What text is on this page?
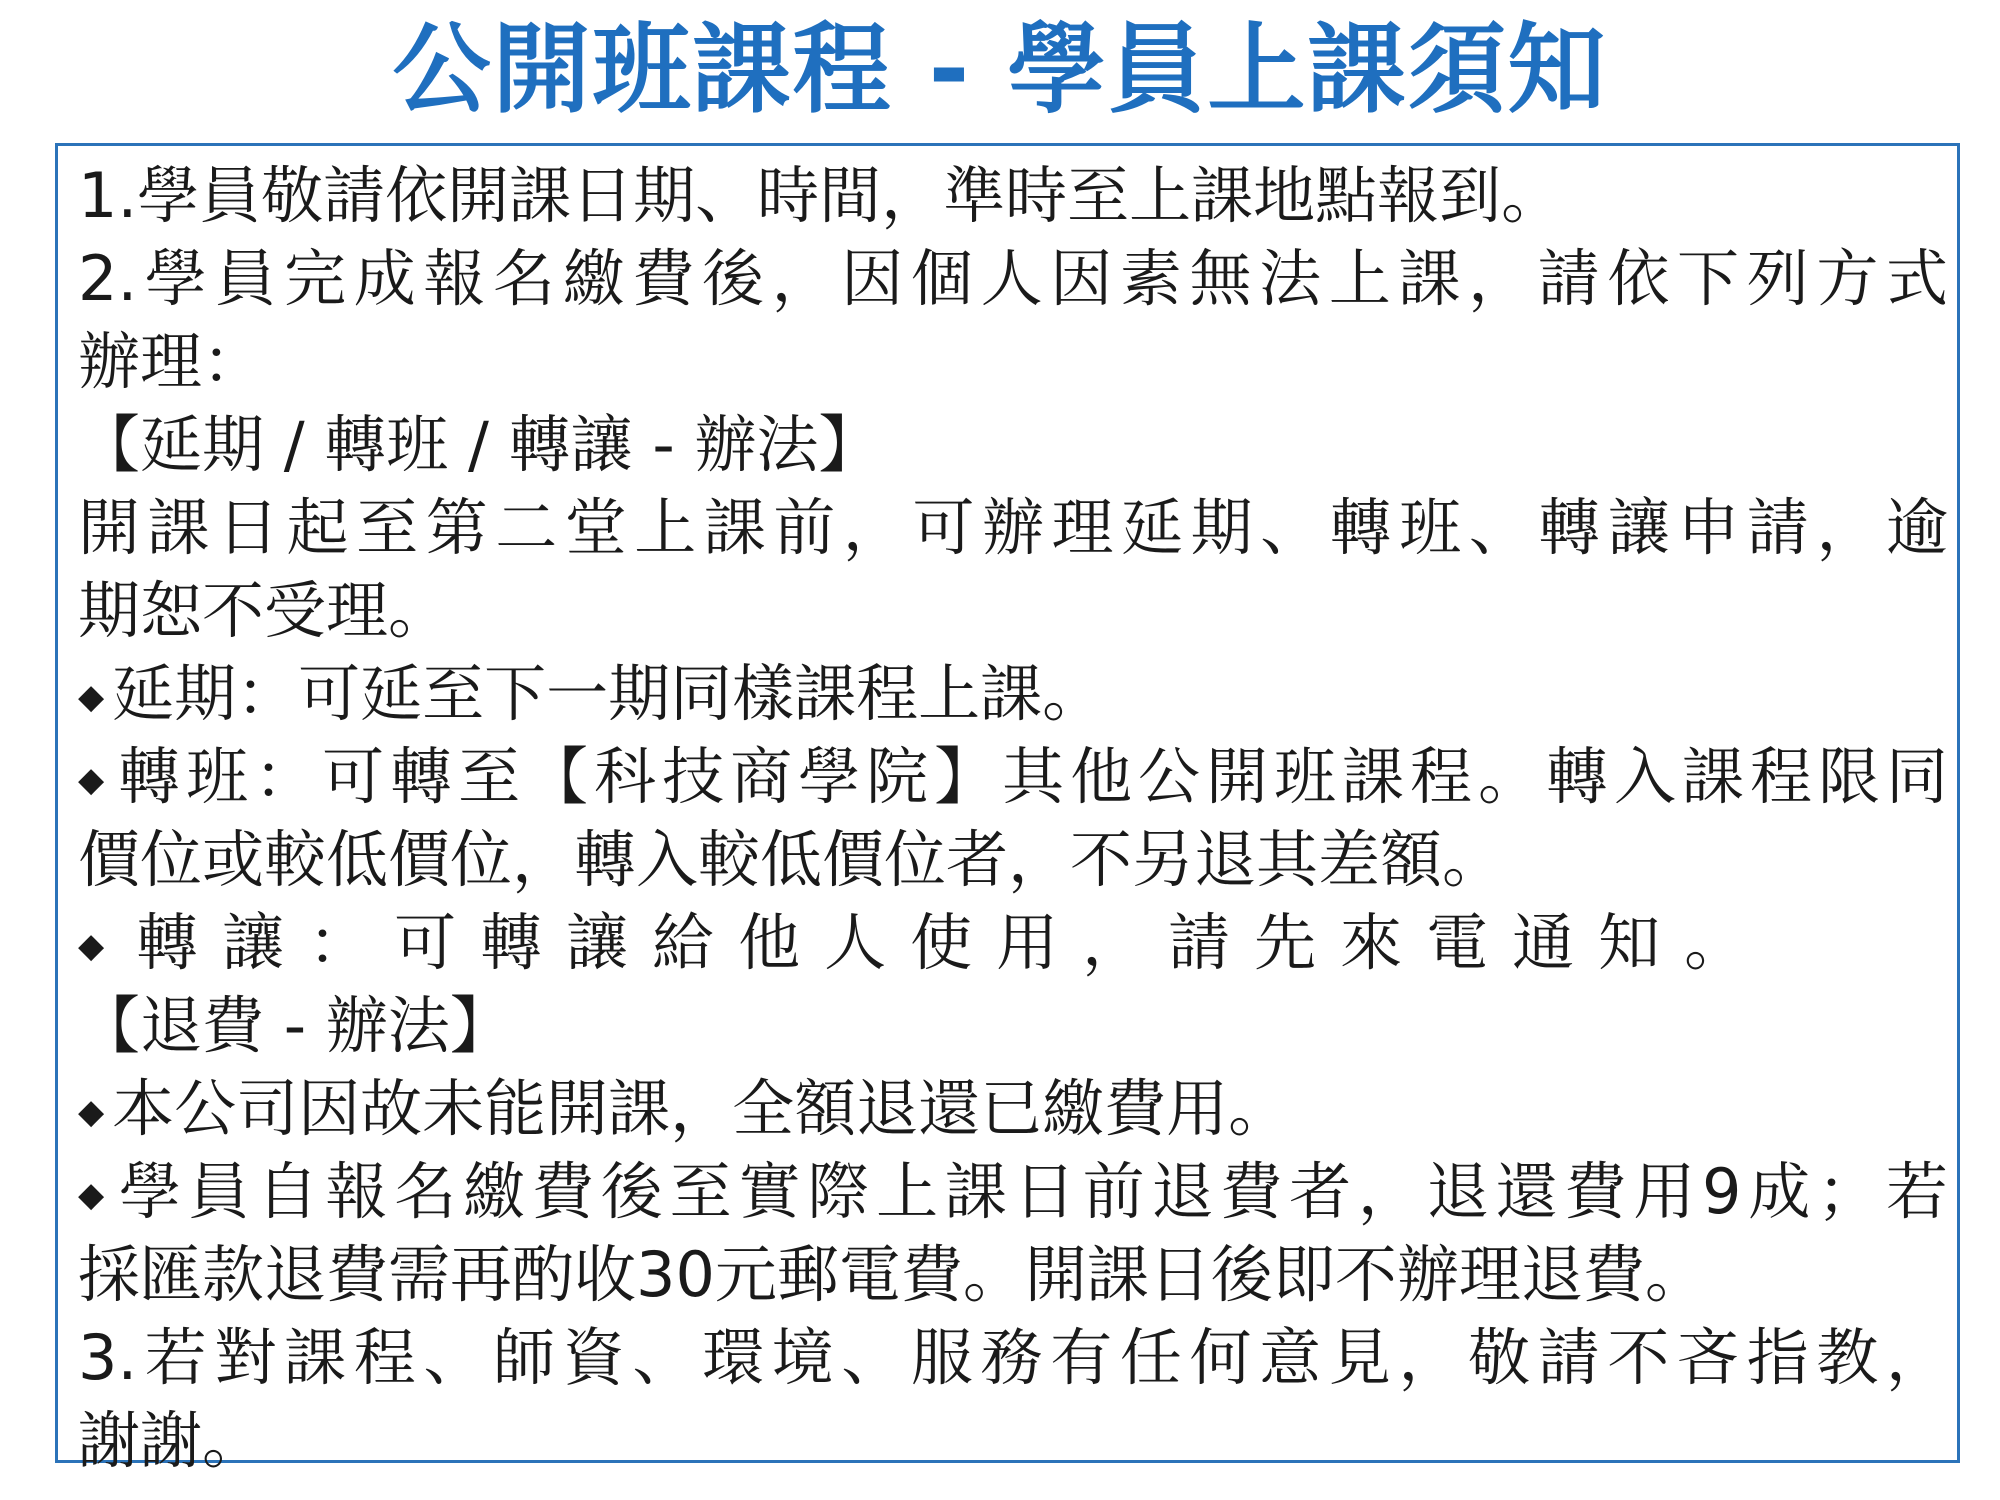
公開班課程 - 學員上課須知
1.學員敬請依開課日期、時間，準時至上課地點報到。
2.學員完成報名繳費後，因個人因素無法上課，請依下列方式
辦理：
【延期 / 轉班 / 轉讓 - 辦法】
開課日起至第二堂上課前，可辦理延期、轉班、轉讓申請，逾
期恕不受理。
◆ 延期：可延至下一期同樣課程上課。
◆ 轉班：可轉至【科技商學院】其他公開班課程。轉入課程限同
價位或較低價位，轉入較低價位者，不另退其差額。
◆ 轉讓：可轉讓給他人使用，請先來電通知。
【退費 - 辦法】
◆ 本公司因故未能開課，全額退還已繳費用。
◆ 學員自報名繳費後至實際上課日前退費者，退還費用9成；若
採匯款退費需再酌收30元郵電費。開課日後即不辦理退費。
3.若對課程、師資、環境、服務有任何意見，敬請不吝指教，
謝謝。
